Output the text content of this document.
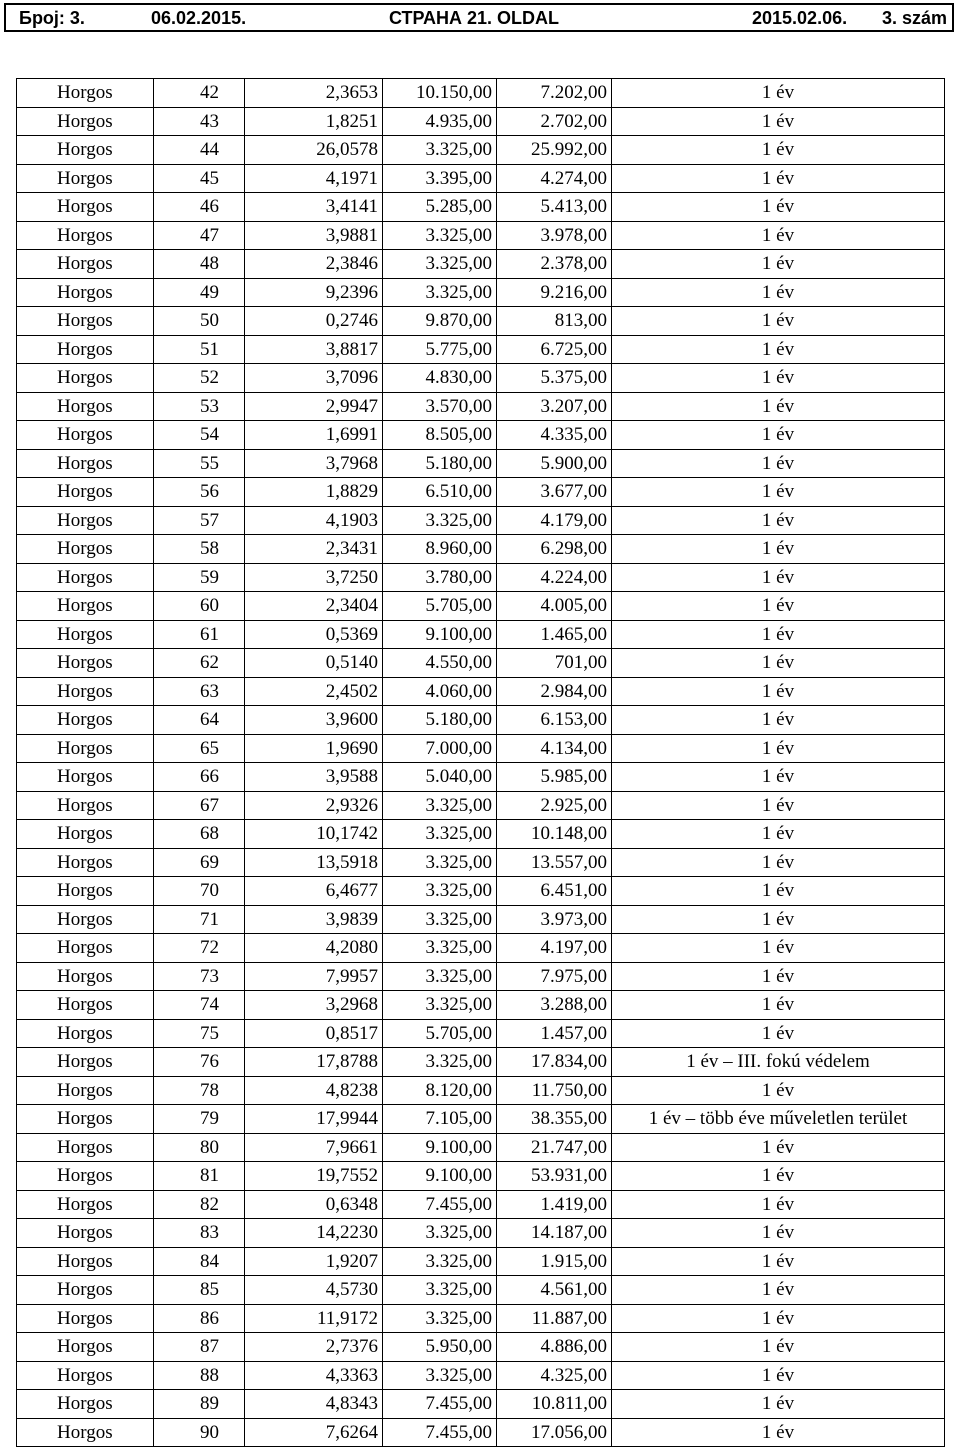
Број: 3.	06.02.2015.	СТРАНА 21. OLDAL	2015.02.06. 3. szám
Horgos	42	2,3653	10.150,00	7.202,00	1 év
Horgos	43	1,8251	4.935,00	2.702,00	1 év
Horgos	44	26,0578	3.325,00	25.992,00	1 év
Horgos	45	4,1971	3.395,00	4.274,00	1 év
Horgos	46	3,4141	5.285,00	5.413,00	1 év
Horgos	47	3,9881	3.325,00	3.978,00	1 év
Horgos	48	2,3846	3.325,00	2.378,00	1 év
Horgos	49	9,2396	3.325,00	9.216,00	1 év
Horgos	50	0,2746	9.870,00	813,00	1 év
Horgos	51	3,8817	5.775,00	6.725,00	1 év
Horgos	52	3,7096	4.830,00	5.375,00	1 év
Horgos	53	2,9947	3.570,00	3.207,00	1 év
Horgos	54	1,6991	8.505,00	4.335,00	1 év
Horgos	55	3,7968	5.180,00	5.900,00	1 év
Horgos	56	1,8829	6.510,00	3.677,00	1 év
Horgos	57	4,1903	3.325,00	4.179,00	1 év
Horgos	58	2,3431	8.960,00	6.298,00	1 év
Horgos	59	3,7250	3.780,00	4.224,00	1 év
Horgos	60	2,3404	5.705,00	4.005,00	1 év
Horgos	61	0,5369	9.100,00	1.465,00	1 év
Horgos	62	0,5140	4.550,00	701,00	1 év
Horgos	63	2,4502	4.060,00	2.984,00	1 év
Horgos	64	3,9600	5.180,00	6.153,00	1 év
Horgos	65	1,9690	7.000,00	4.134,00	1 év
Horgos	66	3,9588	5.040,00	5.985,00	1 év
Horgos	67	2,9326	3.325,00	2.925,00	1 év
Horgos	68	10,1742	3.325,00	10.148,00	1 év
Horgos	69	13,5918	3.325,00	13.557,00	1 év
Horgos	70	6,4677	3.325,00	6.451,00	1 év
Horgos	71	3,9839	3.325,00	3.973,00	1 év
Horgos	72	4,2080	3.325,00	4.197,00	1 év
Horgos	73	7,9957	3.325,00	7.975,00	1 év
Horgos	74	3,2968	3.325,00	3.288,00	1 év
Horgos	75	0,8517	5.705,00	1.457,00	1 év
Horgos	76	17,8788	3.325,00	17.834,00	1 év – III. fokú védelem
Horgos	78	4,8238	8.120,00	11.750,00	1 év
Horgos	79	17,9944	7.105,00	38.355,00	1 év – több éve műveletlen terület
Horgos	80	7,9661	9.100,00	21.747,00	1 év
Horgos	81	19,7552	9.100,00	53.931,00	1 év
Horgos	82	0,6348	7.455,00	1.419,00	1 év
Horgos	83	14,2230	3.325,00	14.187,00	1 év
Horgos	84	1,9207	3.325,00	1.915,00	1 év
Horgos	85	4,5730	3.325,00	4.561,00	1 év
Horgos	86	11,9172	3.325,00	11.887,00	1 év
Horgos	87	2,7376	5.950,00	4.886,00	1 év
Horgos	88	4,3363	3.325,00	4.325,00	1 év
Horgos	89	4,8343	7.455,00	10.811,00	1 év
Horgos	90	7,6264	7.455,00	17.056,00	1 év
